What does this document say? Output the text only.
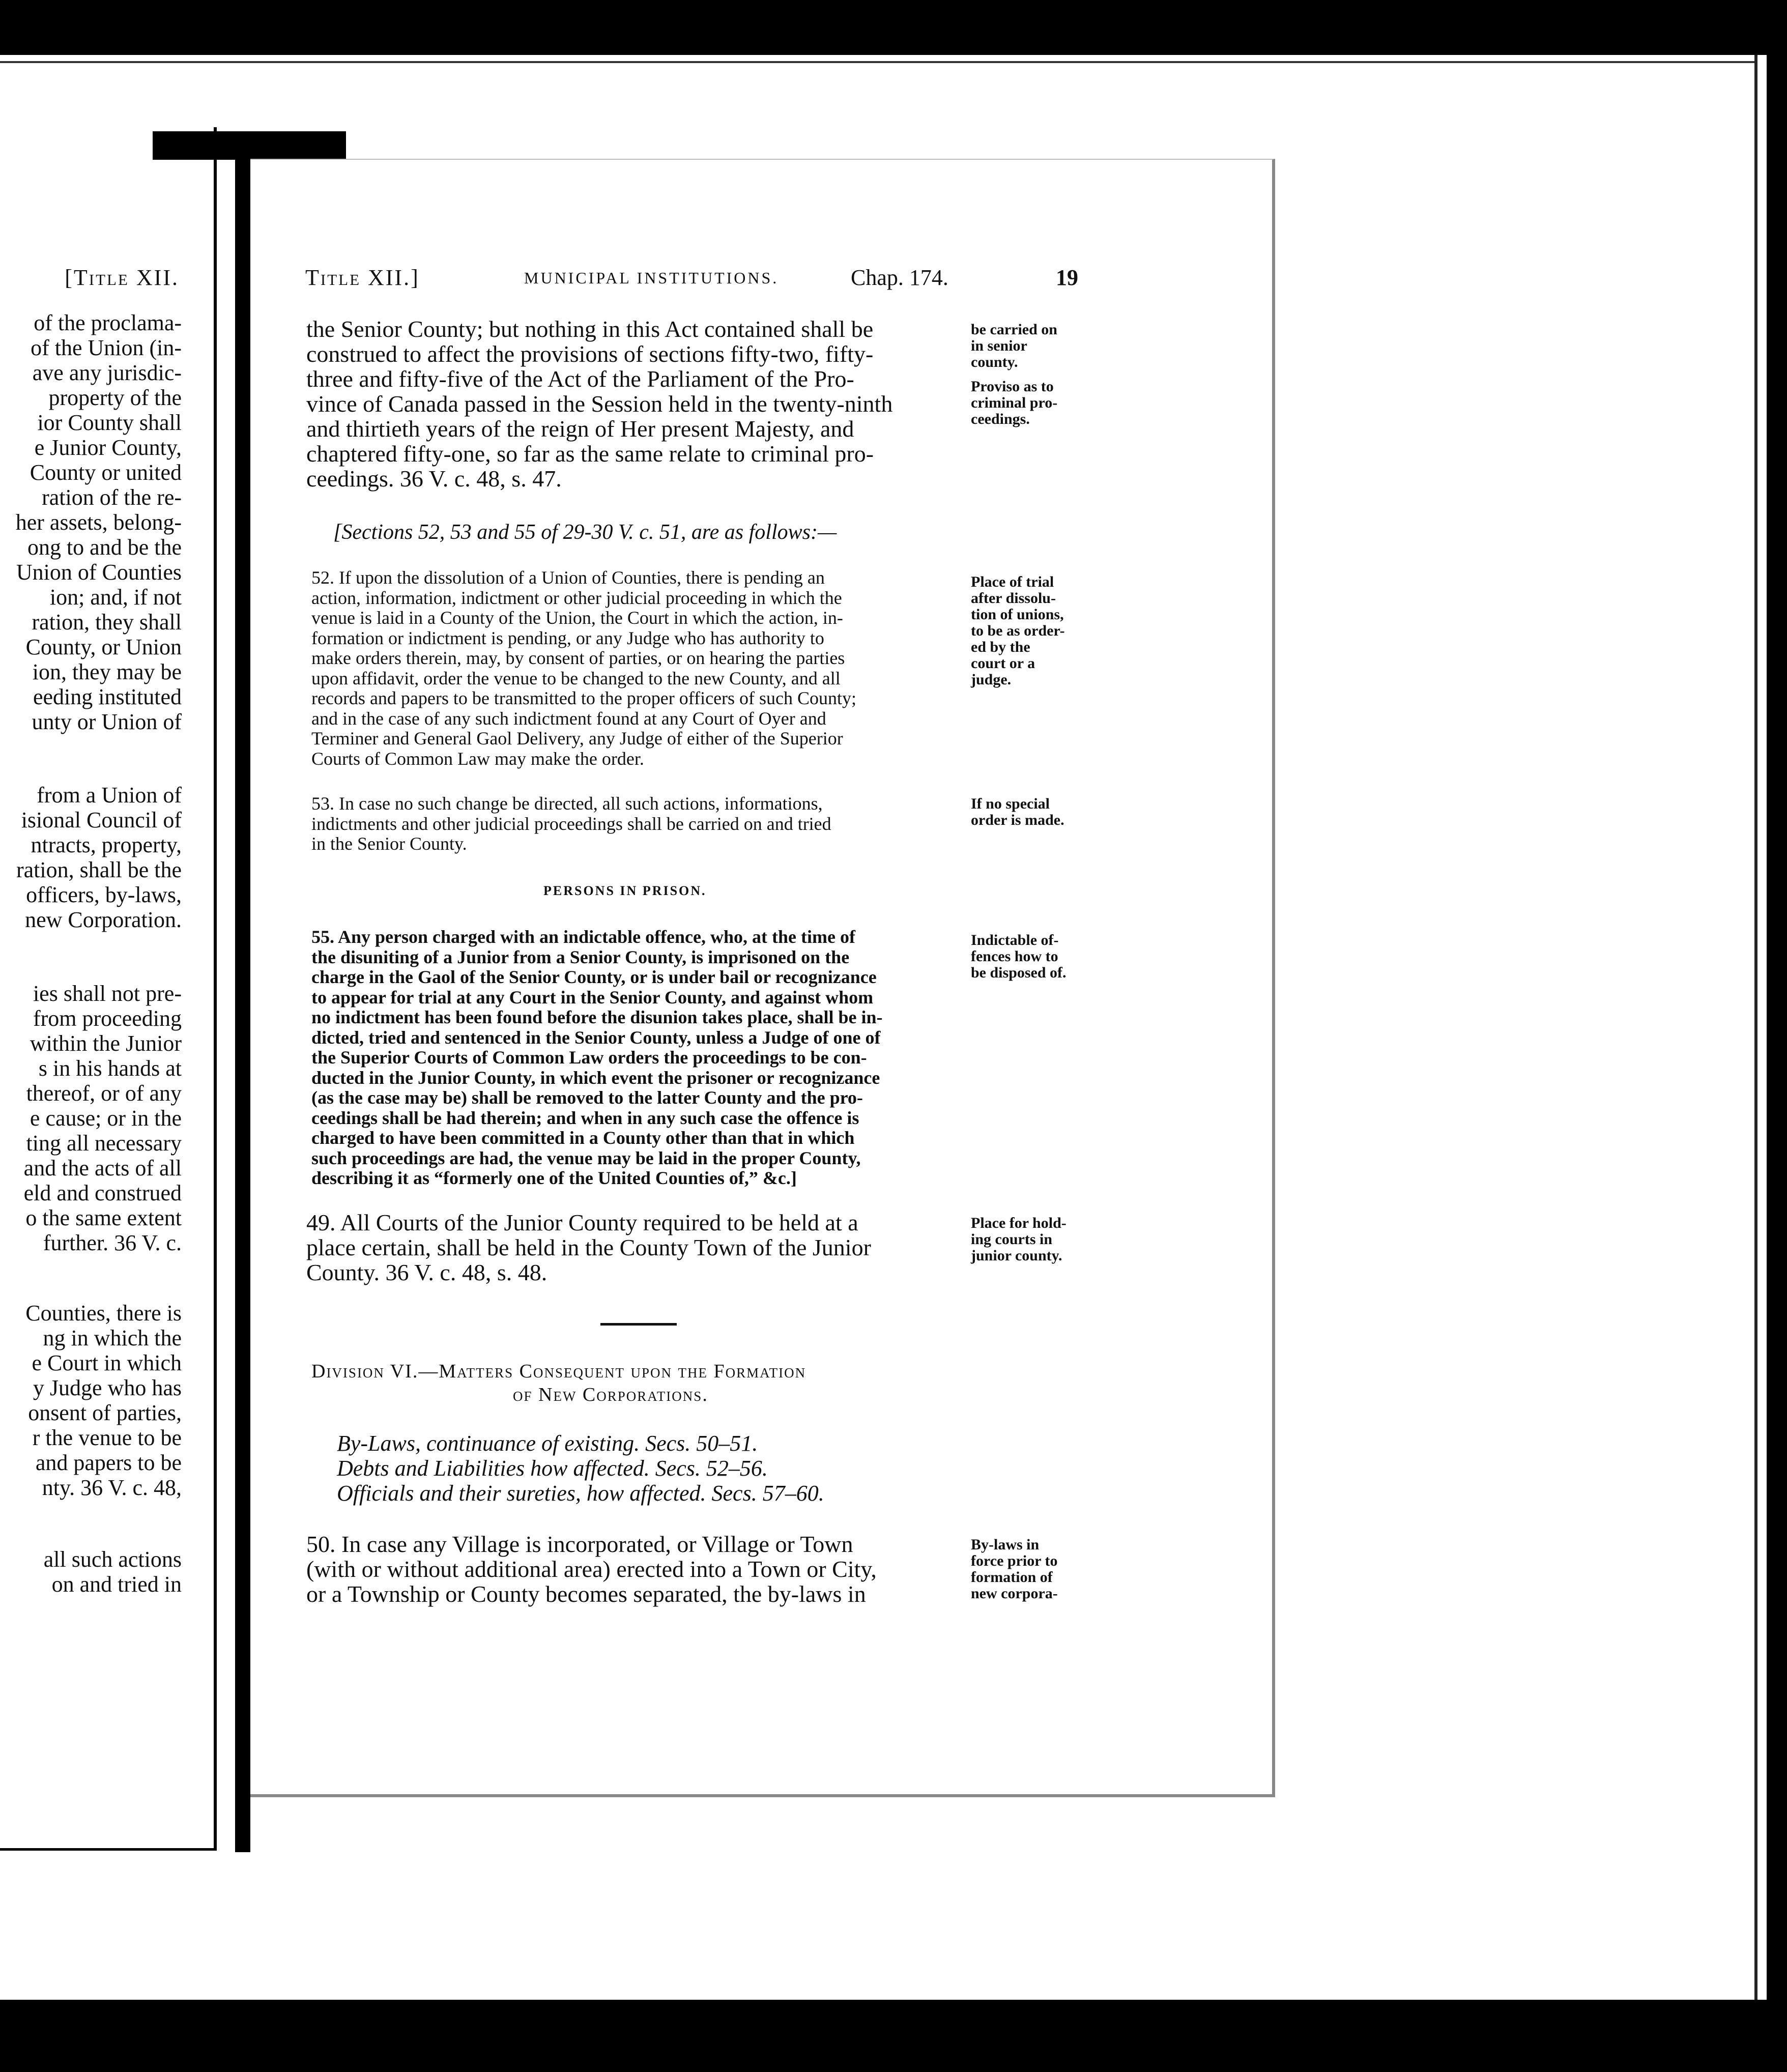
[Title XII.
of the proclama-
of the Union (in-
ave any jurisdic-
property of the
ior County shall
e Junior County,
County or united
ration of the re-
her assets, belong-
ong to and be the
Union of Counties
ion; and, if not
ration, they shall
County, or Union
ion, they may be
eeding instituted
unty or Union of
from a Union of
isional Council of
ntracts, property,
ration, shall be the
officers, by-laws,
new Corporation.
ies shall not pre-
from proceeding
within the Junior
s in his hands at
thereof, or of any
e cause; or in the
ting all necessary
and the acts of all
eld and construed
o the same extent
further. 36 V. c.
Counties, there is
ng in which the
e Court in which
y Judge who has
onsent of parties,
r the venue to be
and papers to be
nty. 36 V. c. 48,
all such actions
on and tried in
Title XII.]	MUNICIPAL INSTITUTIONS.	Chap. 174.	19
the Senior County; but nothing in this Act contained shall be
construed to affect the provisions of sections fifty-two, fifty-
three and fifty-five of the Act of the Parliament of the Pro-
vince of Canada passed in the Session held in the twenty-ninth
and thirtieth years of the reign of Her present Majesty, and
chaptered fifty-one, so far as the same relate to criminal pro-
ceedings. 36 V. c. 48, s. 47.
[Sections 52, 53 and 55 of 29-30 V. c. 51, are as follows:—
52. If upon the dissolution of a Union of Counties, there is pending an
action, information, indictment or other judicial proceeding in which the
venue is laid in a County of the Union, the Court in which the action, in-
formation or indictment is pending, or any Judge who has authority to
make orders therein, may, by consent of parties, or on hearing the parties
upon affidavit, order the venue to be changed to the new County, and all
records and papers to be transmitted to the proper officers of such County;
and in the case of any such indictment found at any Court of Oyer and
Terminer and General Gaol Delivery, any Judge of either of the Superior
Courts of Common Law may make the order.
53. In case no such change be directed, all such actions, informations,
indictments and other judicial proceedings shall be carried on and tried
in the Senior County.
PERSONS IN PRISON.
55. Any person charged with an indictable offence, who, at the time of
the disuniting of a Junior from a Senior County, is imprisoned on the
charge in the Gaol of the Senior County, or is under bail or recognizance
to appear for trial at any Court in the Senior County, and against whom
no indictment has been found before the disunion takes place, shall be in-
dicted, tried and sentenced in the Senior County, unless a Judge of one of
the Superior Courts of Common Law orders the proceedings to be con-
ducted in the Junior County, in which event the prisoner or recognizance
(as the case may be) shall be removed to the latter County and the pro-
ceedings shall be had therein; and when in any such case the offence is
charged to have been committed in a County other than that in which
such proceedings are had, the venue may be laid in the proper County,
describing it as “formerly one of the United Counties of,” &c.]
49. All Courts of the Junior County required to be held at a
place certain, shall be held in the County Town of the Junior
County. 36 V. c. 48, s. 48.
Division VI.—Matters Consequent upon the Formation
of New Corporations.
By-Laws, continuance of existing. Secs. 50–51.
Debts and Liabilities how affected. Secs. 52–56.
Officials and their sureties, how affected. Secs. 57–60.
50. In case any Village is incorporated, or Village or Town
(with or without additional area) erected into a Town or City,
or a Township or County becomes separated, the by-laws in
be carried on
in senior
county.
Proviso as to
criminal pro-
ceedings.
Place of trial
after dissolu-
tion of unions,
to be as order-
ed by the
court or a
judge.
If no special
order is made.
Indictable of-
fences how to
be disposed of.
Place for hold-
ing courts in
junior county.
By-laws in
force prior to
formation of
new corpora-
